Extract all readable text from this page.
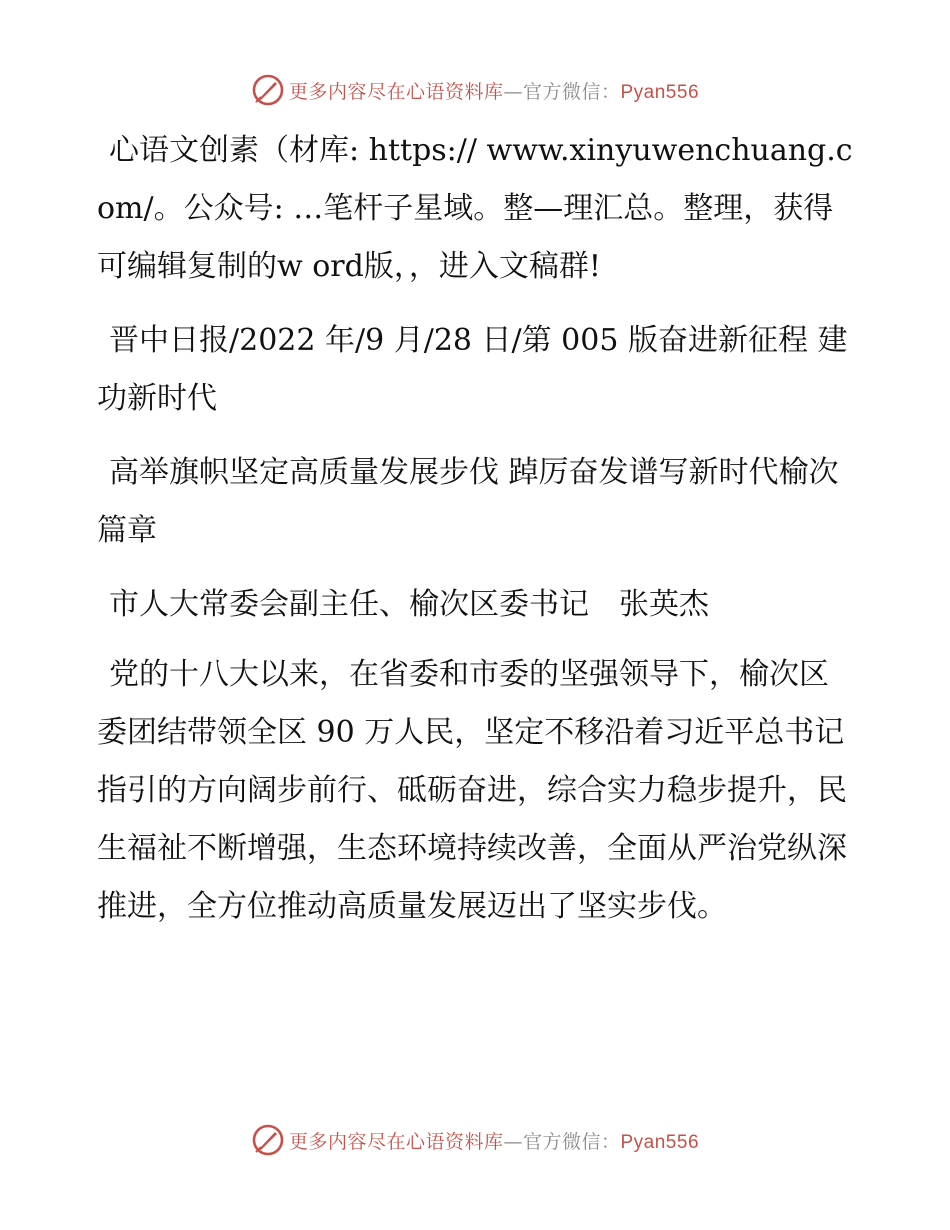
更多内容尽在心语资料库—官方微信：Pyan556

心语文创素（材库: https:// www.xinyuwenchuang.com/。公众号: …笔杆子星域。整—理汇总。整理，获得可编辑复制的w ord版，，进入文稿群!

晋中日报/2022 年/9 月/28 日/第 005 版奋进新征程 建功新时代

高举旗帜坚定高质量发展步伐 踔厉奋发谱写新时代榆次篇章

市人大常委会副主任、榆次区委书记　张英杰

党的十八大以来，在省委和市委的坚强领导下，榆次区委团结带领全区 90 万人民，坚定不移沿着习近平总书记指引的方向阔步前行、砥砺奋进，综合实力稳步提升，民生福祉不断增强，生态环境持续改善，全面从严治党纵深推进，全方位推动高质量发展迈出了坚实步伐。

更多内容尽在心语资料库—官方微信：Pyan556
